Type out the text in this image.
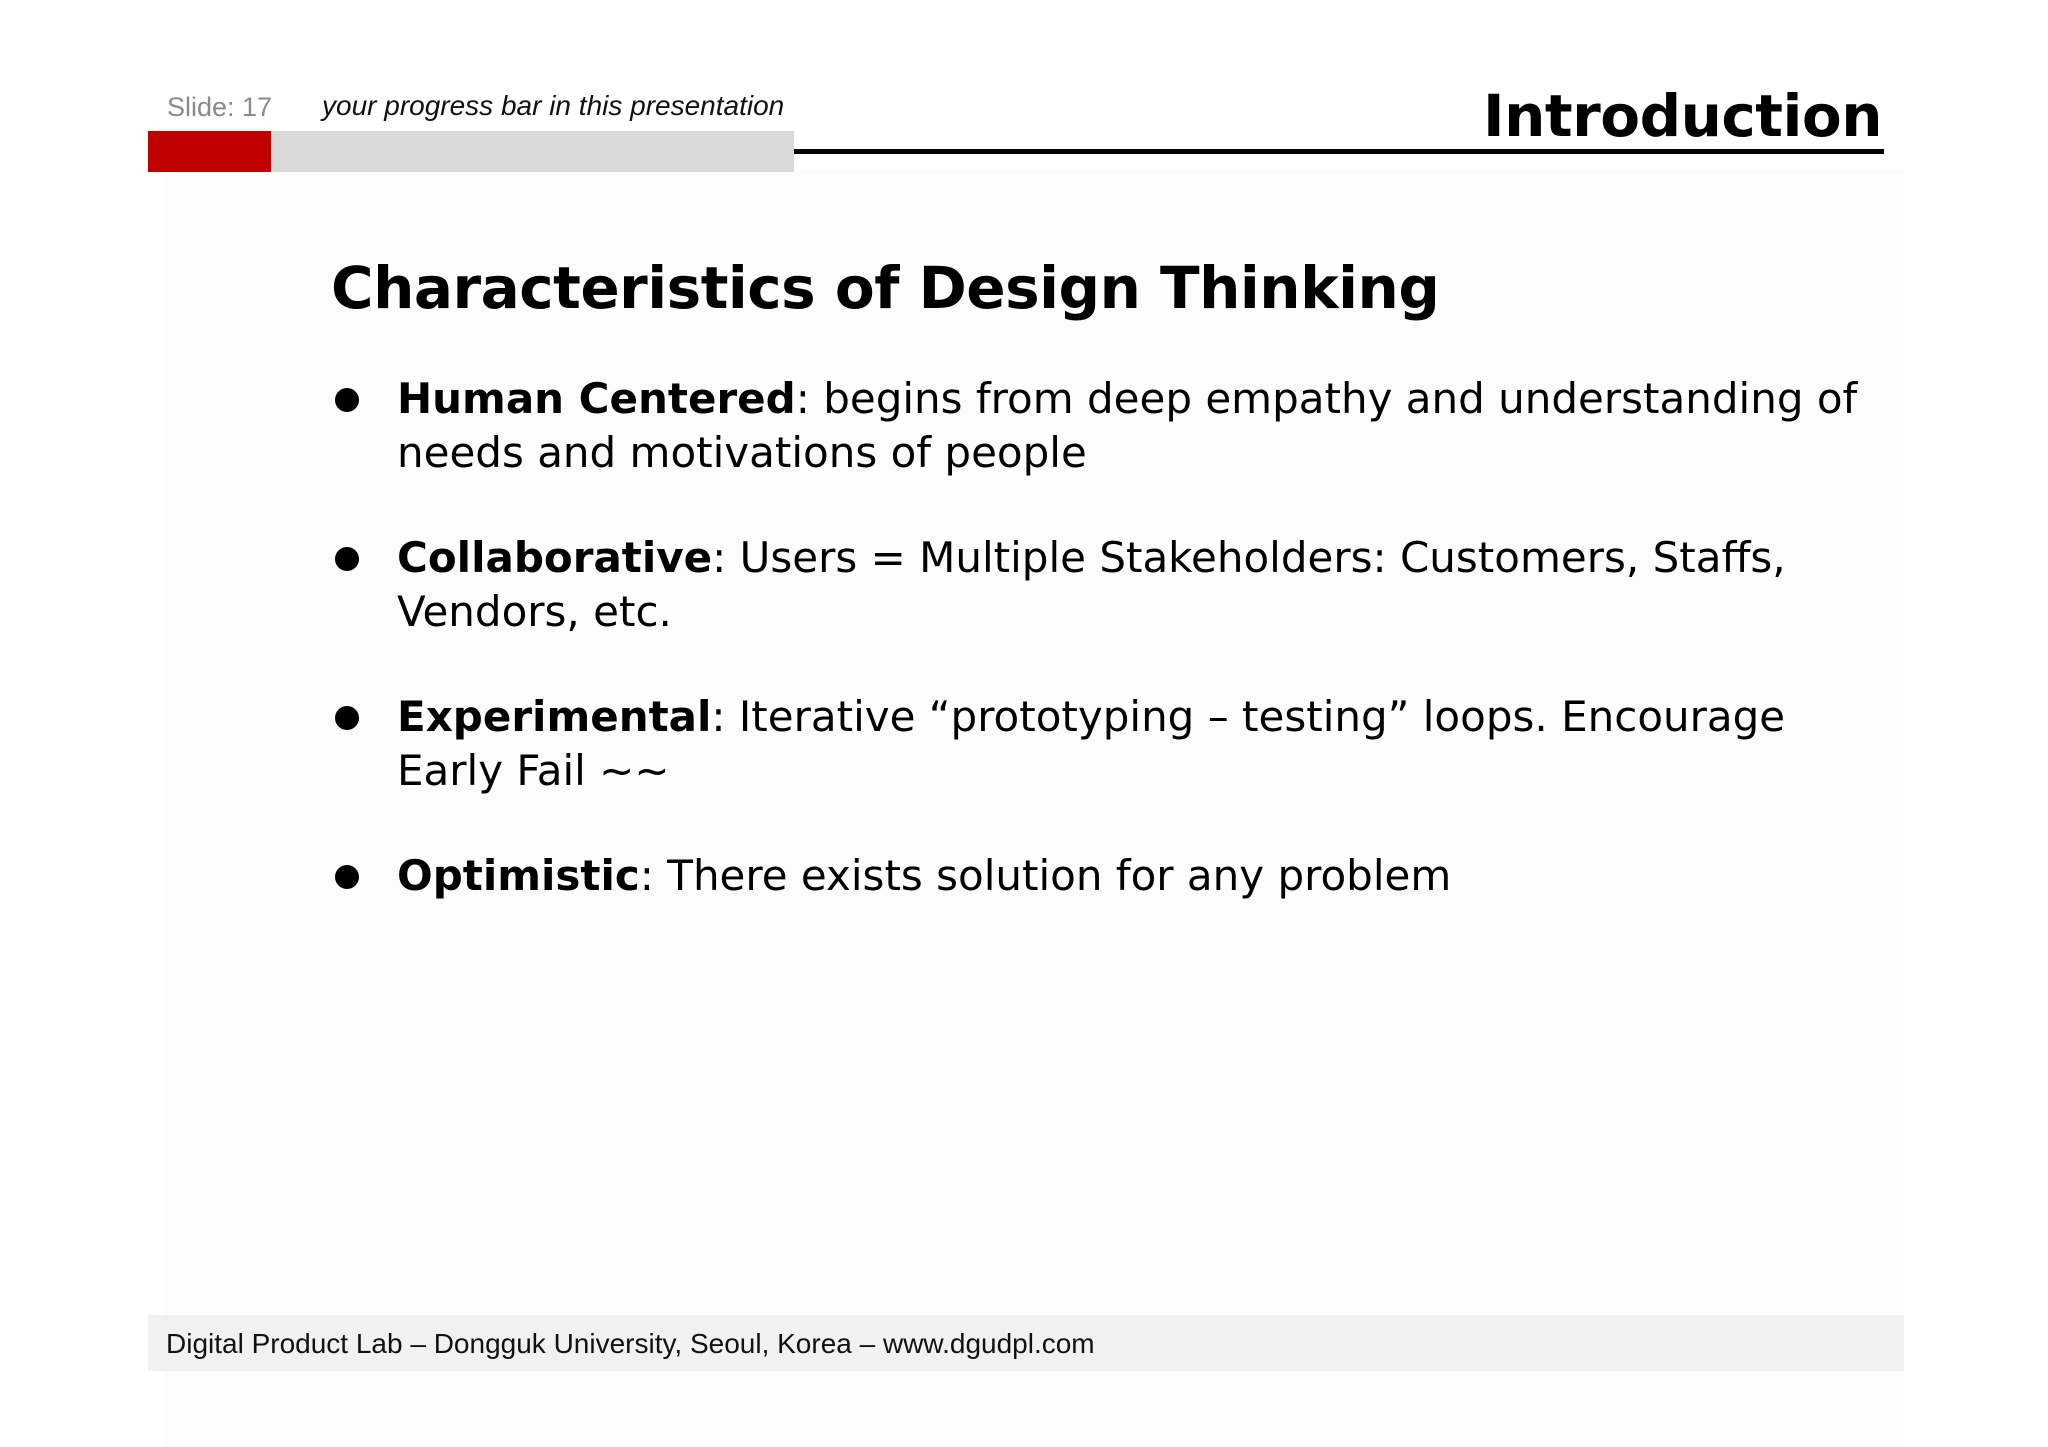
Slide: 17 your progress bar in this presentation	Introduction
Characteristics of Design Thinking
Human Centered: begins from deep empathy and understanding of needs and motivations of people
Collaborative: Users = Multiple Stakeholders: Customers, Staffs, Vendors, etc.
Experimental: Iterative “prototyping – testing” loops. Encourage Early Fail ~~
Optimistic: There exists solution for any problem
Digital Product Lab – Dongguk University, Seoul, Korea – www.dgudpl.com
